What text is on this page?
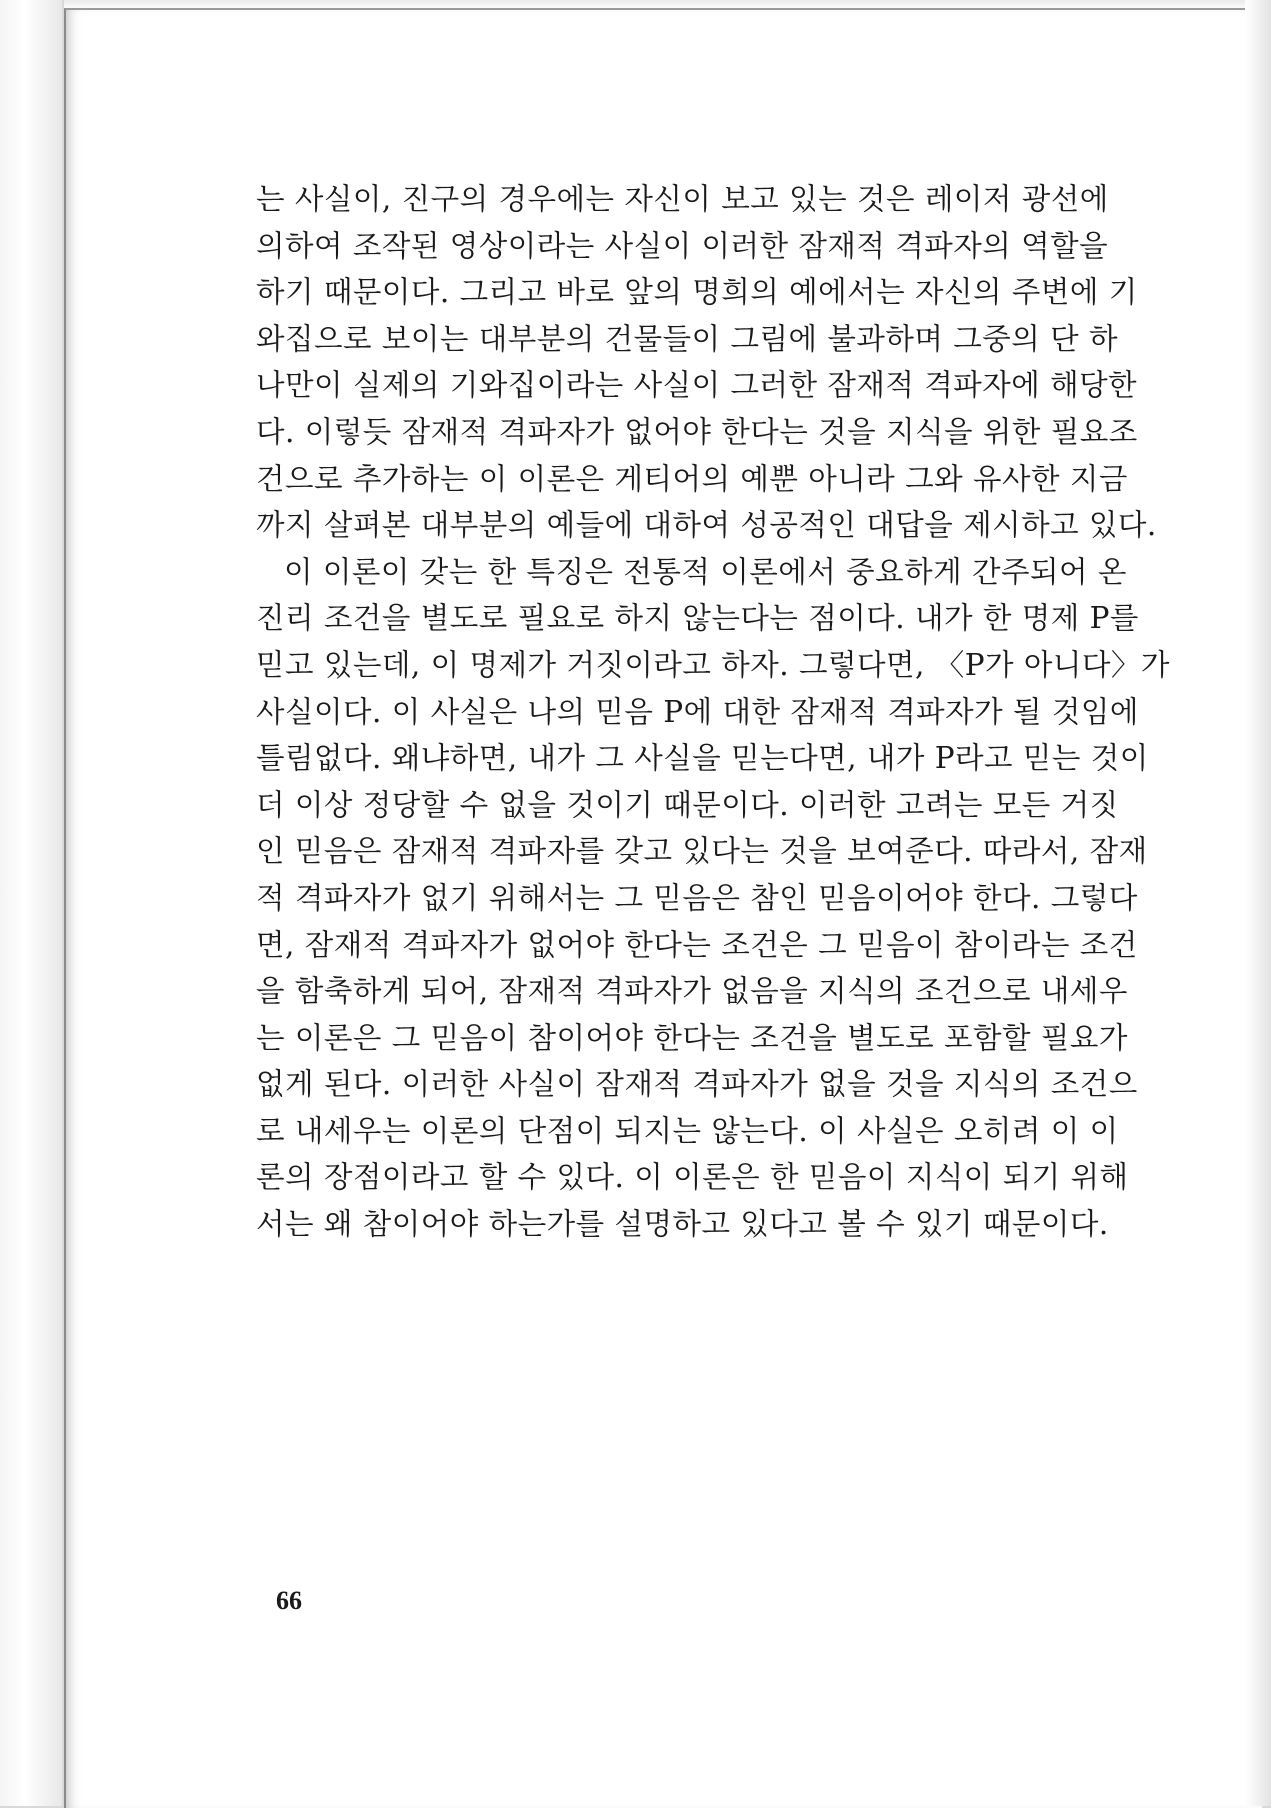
는 사실이, 진구의 경우에는 자신이 보고 있는 것은 레이저 광선에
의하여 조작된 영상이라는 사실이 이러한 잠재적 격파자의 역할을
하기 때문이다. 그리고 바로 앞의 명희의 예에서는 자신의 주변에 기
와집으로 보이는 대부분의 건물들이 그림에 불과하며 그중의 단 하
나만이 실제의 기와집이라는 사실이 그러한 잠재적 격파자에 해당한
다. 이렇듯 잠재적 격파자가 없어야 한다는 것을 지식을 위한 필요조
건으로 추가하는 이 이론은 게티어의 예뿐 아니라 그와 유사한 지금
까지 살펴본 대부분의 예들에 대하여 성공적인 대답을 제시하고 있다.
이 이론이 갖는 한 특징은 전통적 이론에서 중요하게 간주되어 온
진리 조건을 별도로 필요로 하지 않는다는 점이다. 내가 한 명제 P를
믿고 있는데, 이 명제가 거짓이라고 하자. 그렇다면, 〈P가 아니다〉가
사실이다. 이 사실은 나의 믿음 P에 대한 잠재적 격파자가 될 것임에
틀림없다. 왜냐하면, 내가 그 사실을 믿는다면, 내가 P라고 믿는 것이
더 이상 정당할 수 없을 것이기 때문이다. 이러한 고려는 모든 거짓
인 믿음은 잠재적 격파자를 갖고 있다는 것을 보여준다. 따라서, 잠재
적 격파자가 없기 위해서는 그 믿음은 참인 믿음이어야 한다. 그렇다
면, 잠재적 격파자가 없어야 한다는 조건은 그 믿음이 참이라는 조건
을 함축하게 되어, 잠재적 격파자가 없음을 지식의 조건으로 내세우
는 이론은 그 믿음이 참이어야 한다는 조건을 별도로 포함할 필요가
없게 된다. 이러한 사실이 잠재적 격파자가 없을 것을 지식의 조건으
로 내세우는 이론의 단점이 되지는 않는다. 이 사실은 오히려 이 이
론의 장점이라고 할 수 있다. 이 이론은 한 믿음이 지식이 되기 위해
서는 왜 참이어야 하는가를 설명하고 있다고 볼 수 있기 때문이다.
66
